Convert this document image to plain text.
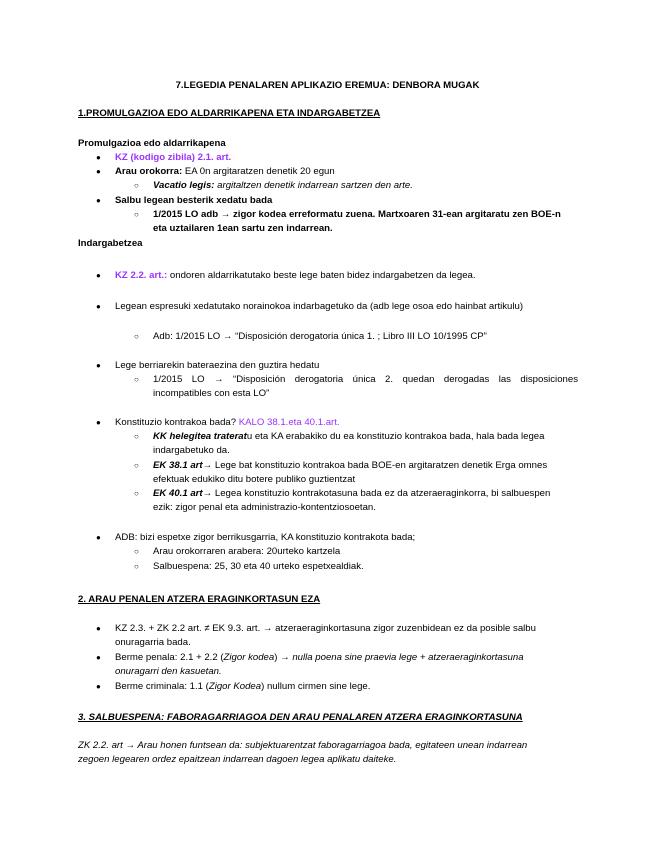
7.LEGEDIA PENALAREN APLIKAZIO EREMUA: DENBORA MUGAK
1.PROMULGAZIOA EDO ALDARRIKAPENA ETA INDARGABETZEA
Promulgazioa edo aldarrikapena
● KZ (kodigo zibila) 2.1. art.
● Arau orokorra: EA 0n argitaratzen denetik 20 egun
○ Vacatio legis: argitaltzen denetik indarrean sartzen den arte.
● Salbu legean besterik xedatu bada
○ 1/2015 LO adb → zigor kodea erreformatu zuena. Martxoaren 31-ean argitaratu zen BOE-n
eta uztailaren 1ean sartu zen indarrean.
Indargabetzea
● KZ 2.2. art.: ondoren aldarrikatutako beste lege baten bidez indargabetzen da legea.
● Legean espresuki xedatutako norainokoa indarbagetuko da (adb lege osoa edo hainbat artikulu)
○ Adb: 1/2015 LO → “Disposición derogatoria única 1. ; Libro III LO 10/1995 CP”
● Lege berriarekin bateraezina den guztira hedatu
○ 1/2015 LO → “Disposición derogatoria única 2. quedan derogadas las disposiciones
incompatibles con esta LO”
● Konstituzio kontrakoa bada? KALO 38.1.eta 40.1.art.
○ KK helegitea trateratu eta KA erabakiko du ea konstituzio kontrakoa bada, hala bada legea
indargabetuko da.
○ EK 38.1 art→ Lege bat konstituzio kontrakoa bada BOE-en argitaratzen denetik Erga omnes
efektuak edukiko ditu botere publiko guztientzat
○ EK 40.1 art→ Legea konstituzio kontrakotasuna bada ez da atzeraeraginkorra, bi salbuespen
ezik: zigor penal eta administrazio-kontentziosoetan.
● ADB: bizi espetxe zigor berrikusgarria, KA konstituzio kontrakota bada;
○ Arau orokorraren arabera: 20urteko kartzela
○ Salbuespena: 25, 30 eta 40 urteko espetxealdiak.
2. ARAU PENALEN ATZERA ERAGINKORTASUN EZA
● KZ 2.3. + ZK 2.2 art. ≠ EK 9.3. art. → atzeraeraginkortasuna zigor zuzenbidean ez da posible salbu
onuragarria bada.
● Berme penala: 2.1 + 2.2 (Zigor kodea) → nulla poena sine praevia lege + atzeraeraginkortasuna
onuragarri den kasuetan.
● Berme criminala: 1.1 (Zigor Kodea) nullum cirmen sine lege.
3. SALBUESPENA: FABORAGARRIAGOA DEN ARAU PENALAREN ATZERA ERAGINKORTASUNA
ZK 2.2. art → Arau honen funtsean da: subjektuarentzat faboragarriagoa bada, egitateen unean indarrean
zegoen legearen ordez epaitzean indarrean dagoen legea aplikatu daiteke.
